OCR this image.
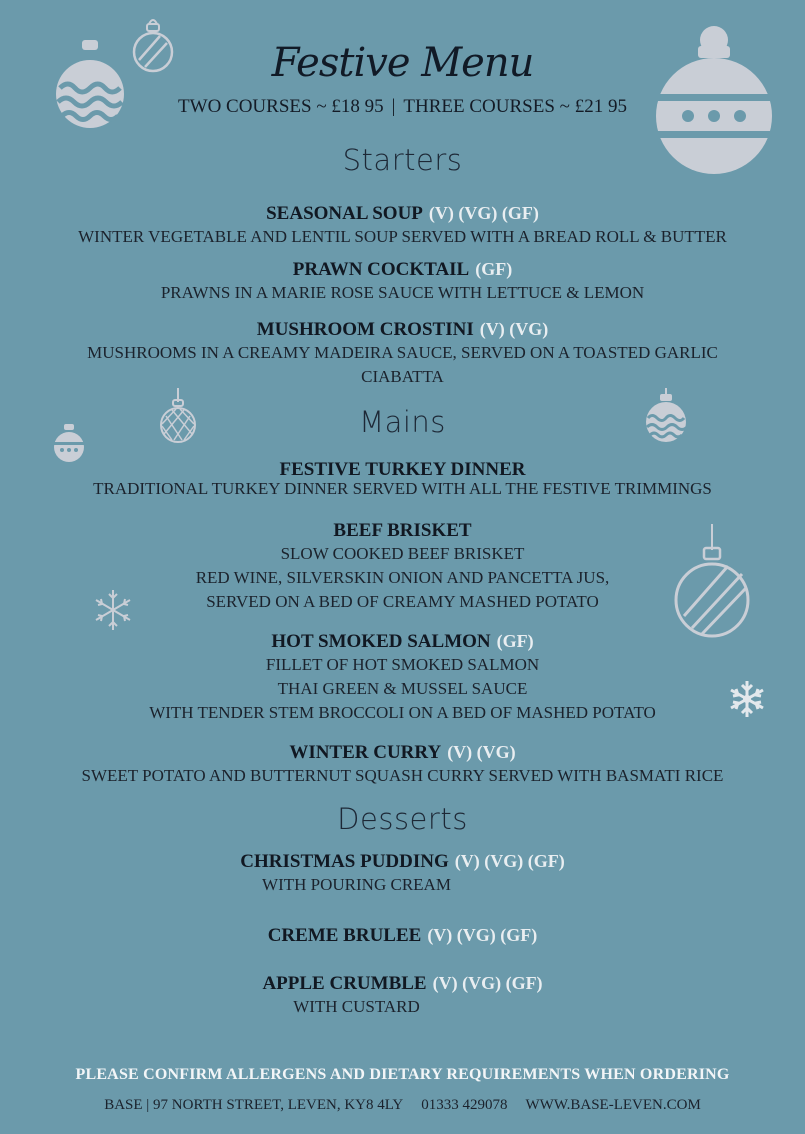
Festive Menu
TWO COURSES ~ £18 95 | THREE COURSES ~ £21 95
Starters
SEASONAL SOUP (V) (VG) (GF)
WINTER VEGETABLE AND LENTIL SOUP SERVED WITH A BREAD ROLL & BUTTER
PRAWN COCKTAIL (GF)
PRAWNS IN A MARIE ROSE SAUCE WITH LETTUCE & LEMON
MUSHROOM CROSTINI (V) (VG)
MUSHROOMS IN A CREAMY MADEIRA SAUCE, SERVED ON A TOASTED GARLIC
CIABATTA
Mains
FESTIVE TURKEY DINNER
TRADITIONAL TURKEY DINNER SERVED WITH ALL THE FESTIVE TRIMMINGS
BEEF BRISKET
SLOW COOKED BEEF BRISKET
RED WINE, SILVERSKIN ONION AND PANCETTA JUS,
SERVED ON A BED OF CREAMY MASHED POTATO
HOT SMOKED SALMON (GF)
FILLET OF HOT SMOKED SALMON
THAI GREEN & MUSSEL SAUCE
WITH TENDER STEM BROCCOLI ON A BED OF MASHED POTATO
WINTER CURRY (V) (VG)
SWEET POTATO AND BUTTERNUT SQUASH CURRY SERVED WITH BASMATI RICE
Desserts
CHRISTMAS PUDDING (V) (VG) (GF)
WITH POURING CREAM
CREME BRULEE (V) (VG) (GF)
APPLE CRUMBLE (V) (VG) (GF)
WITH CUSTARD
PLEASE CONFIRM ALLERGENS AND DIETARY REQUIREMENTS WHEN ORDERING
BASE | 97 NORTH STREET, LEVEN, KY8 4LY 01333 429078 WWW.BASE-LEVEN.COM
